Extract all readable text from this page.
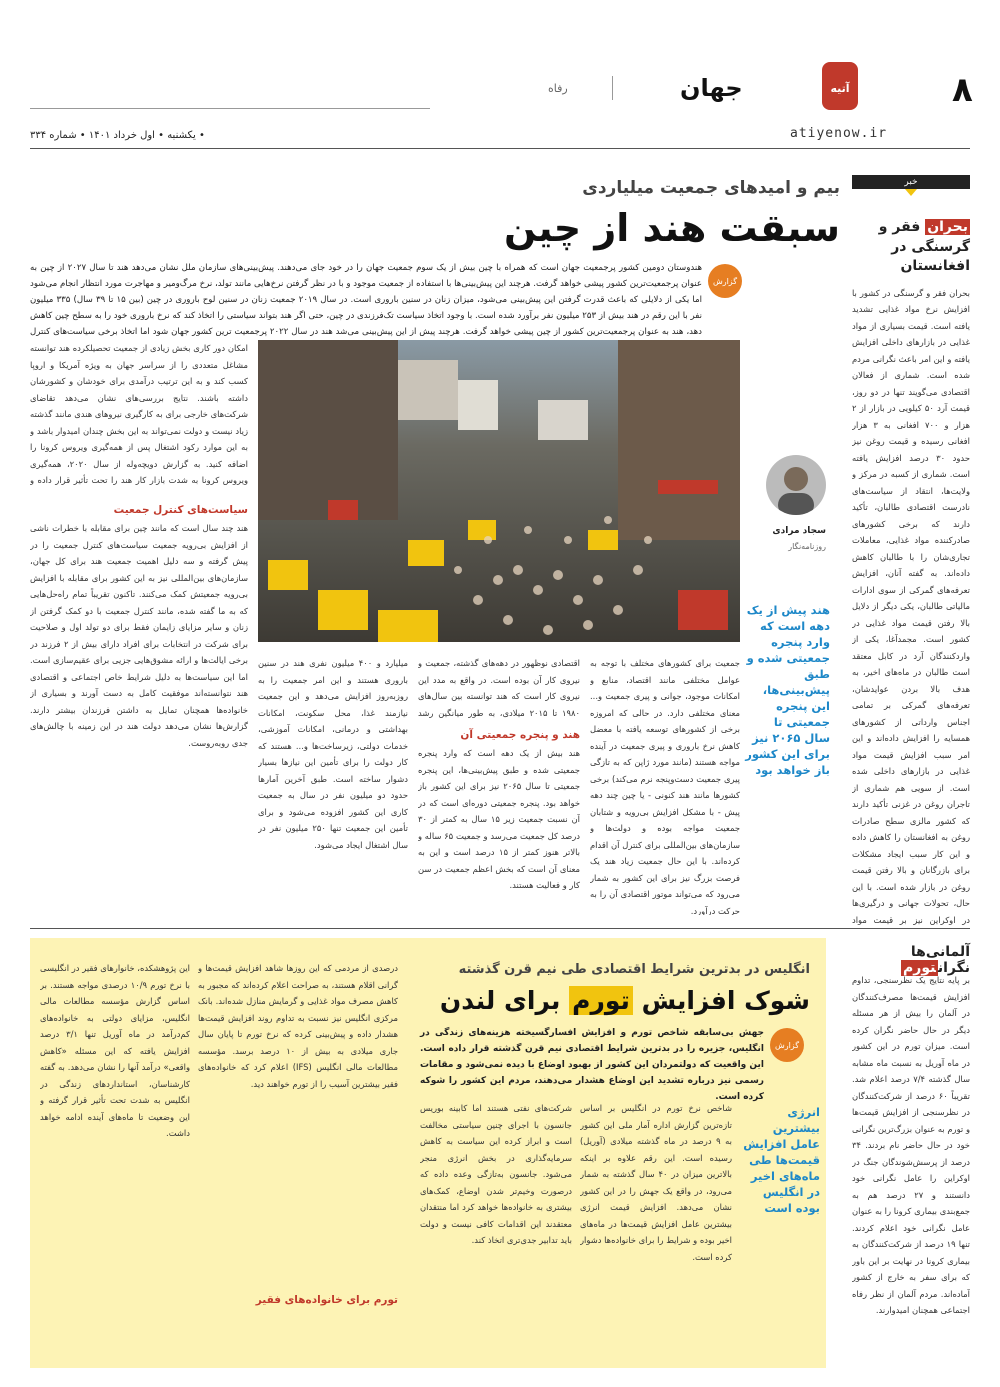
۸
آتیه
atiyenow.ir
جهان
رفاه
• یکشنبه • اول خرداد ۱۴۰۱ • شماره ۳۳۴
خبر
بحران فقر و گرسنگی در افغانستان
بحران فقر و گرسنگی در کشور با افزایش نرخ مواد غذایی تشدید یافته است. قیمت بسیاری از مواد غذایی در بازارهای داخلی افزایش یافته و این امر باعث نگرانی مردم شده است. شماری از فعالان اقتصادی می‌گویند تنها در دو روز، قیمت آرد ۵۰ کیلویی در بازار از ۲ هزار و ۷۰۰ افغانی به ۳ هزار افغانی رسیده و قیمت روغن نیز حدود ۳۰ درصد افزایش یافته است. شماری از کسبه در مرکز و ولایت‌ها، انتقاد از سیاست‌های نادرست اقتصادی طالبان، تأکید دارند که برخی کشورهای صادرکننده مواد غذایی، معاملات تجاری‌شان را با طالبان کاهش داده‌اند. به گفته آنان، افزایش تعرفه‌های گمرکی از سوی ادارات مالیاتی طالبان، یکی دیگر از دلایل بالا رفتن قیمت مواد غذایی در کشور است. مجمدآغا، یکی از واردکنندگان آرد در کابل معتقد است طالبان در ماه‌های اخیر، به هدف بالا بردن عوایدشان، تعرفه‌های گمرکی بر تمامی اجناس وارداتی از کشورهای همسایه را افزایش داده‌اند و این امر سبب افزایش قیمت مواد غذایی در بازارهای داخلی شده است. از سویی هم شماری از تاجران روغن در غزنی تأکید دارند که کشور مالزی سطح صادرات روغن به افغانستان را کاهش داده و این کار سبب ایجاد مشکلات برای بازرگانان و بالا رفتن قیمت روغن در بازار شده است. با این حال، تحولات جهانی و درگیری‌ها در اوکراین نیز بر قیمت مواد
آلمانی‌ها نگرانتورم
بر پایه نتایج یک نظرسنجی، تداوم افزایش قیمت‌ها مصرف‌کنندگان در آلمان را بیش از هر مسئله دیگر در حال حاضر نگران کرده است. میزان تورم در این کشور در ماه آوریل به نسبت ماه مشابه سال گذشته ۷/۴ درصد اعلام شد. تقریباً ۶۰ درصد از شرکت‌کنندگان در نظرسنجی از افزایش قیمت‌ها و تورم به عنوان بزرگ‌ترین نگرانی خود در حال حاضر نام بردند. ۳۴ درصد از پرسش‌شوندگان جنگ در اوکراین را عامل نگرانی خود دانستند و ۲۷ درصد هم به جمع‌بندی بیماری کرونا را به عنوان عامل نگرانی خود اعلام کردند. تنها ۱۹ درصد از شرکت‌کنندگان به بیماری کرونا در نهایت بر این باور که برای سفر به خارج از کشور آماده‌اند. مردم آلمان از نظر رفاه اجتماعی همچنان امیدوارند.
بیم و امیدهای جمعیت میلیاردی
سبقت هند از چین
گزارش
هندوستان دومین کشور پرجمعیت جهان است که همراه با چین بیش از یک سوم جمعیت جهان را در خود جای می‌دهند. پیش‌بینی‌های سازمان ملل نشان می‌دهد هند تا سال ۲۰۲۷ از چین به عنوان پرجمعیت‌ترین کشور پیشی خواهد گرفت. هرچند این پیش‌بینی‌ها با استفاده از جمعیت موجود و با در نظر گرفتن نرخ‌هایی مانند تولد، نرخ مرگ‌ومیر و مهاجرت مورد انتظار انجام می‌شود اما یکی از دلایلی که باعث قدرت گرفتن این پیش‌بینی می‌شود، میزان زنان در سنین باروری است. در سال ۲۰۱۹ جمعیت زنان در سنین لوح باروری در چین (بین ۱۵ تا ۳۹ سال) ۳۳۵ میلیون نفر با این رقم در هند بیش از ۲۵۳ میلیون نفر برآورد شده است. با وجود اتخاذ سیاست تک‌فرزندی در چین، حتی اگر هند بتواند سیاستی را اتخاذ کند که نرخ باروری خود را به سطح چین کاهش دهد، هند به عنوان پرجمعیت‌ترین کشور از چین پیشی خواهد گرفت. هرچند پیش از این پیش‌بینی می‌شد هند در سال ۲۰۲۲ پرجمعیت ترین کشور جهان شود اما اتخاذ برخی سیاست‌های کنترل
سجاد مرادی
روزنامه‌نگار
هند پیش از یک دهه است که وارد پنجره جمعیتی شده و طبق پیش‌بینی‌ها، این پنجره جمعیتی تا سال ۲۰۶۵ نیز برای این کشور باز خواهد بود
امکان دور کاری بخش زیادی از جمعیت تحصیلکرده هند توانسته مشاغل متعددی را از سراسر جهان به ویژه آمریکا و اروپا کسب کند و به این ترتیب درآمدی برای خودشان و کشورشان داشته باشند. نتایج بررسی‌های نشان می‌دهد تقاضای شرکت‌های خارجی برای به کارگیری نیروهای هندی مانند گذشته زیاد نیست و دولت نمی‌تواند به این بخش چندان امیدوار باشد و به این موارد رکود اشتغال پس از همه‌گیری ویروس کرونا را اضافه کنید. به گزارش دویچه‌وله از سال ۲۰۲۰، همه‌گیری ویروس کرونا به شدت بازار کار هند را تحت تأثیر قرار داده و
سیاست‌های کنترل جمعیت
هند چند سال است که مانند چین برای مقابله با خطرات ناشی از افزایش بی‌رویه جمعیت سیاست‌های کنترل جمعیت را در پیش گرفته و سه دلیل اهمیت جمعیت هند برای کل جهان، سازمان‌های بین‌المللی نیز به این کشور برای مقابله با افزایش بی‌رویه جمعیتش کمک می‌کنند. تاکنون تقریباً تمام راه‌حل‌هایی که به ما گفته شده، مانند کنترل جمعیت با دو کمک گرفتن از زنان و سایر مزایای زایمان فقط برای دو تولد اول و صلاحیت برای شرکت در انتخابات برای افراد دارای بیش از ۲ فرزند در برخی ایالت‌ها و ارائه مشوق‌هایی جزیی برای عقیم‌سازی است. اما این سیاست‌ها به دلیل شرایط خاص اجتماعی و اقتصادی هند نتوانسته‌اند موفقیت کامل به دست آورند و بسیاری از خانواده‌ها همچنان تمایل به داشتن فرزندان بیشتر دارند. گزارش‌ها نشان می‌دهد دولت هند در این زمینه با چالش‌های جدی روبه‌روست.
میلیارد و ۴۰۰ میلیون نفری هند در سنین باروری هستند و این امر جمعیت را به روزبه‌روز افزایش می‌دهد و این جمعیت نیازمند غذا، محل سکونت، امکانات بهداشتی و درمانی، امکانات آموزشی، خدمات دولتی، زیرساخت‌ها و... هستند که کار دولت را برای تأمین این نیازها بسیار دشوار ساخته است. طبق آخرین آمارها حدود دو میلیون نفر در سال به جمعیت کاری این کشور افزوده می‌شود و برای تأمین این جمعیت تنها ۲۵۰ میلیون نفر در سال اشتغال ایجاد می‌شود.
اقتصادی نوظهور در دهه‌های گذشته، جمعیت و نیروی کار آن بوده است. در واقع به مدد این نیروی کار است که هند توانسته بین سال‌های ۱۹۸۰ تا ۲۰۱۵ میلادی، به طور میانگین رشد
هند و پنجره جمعیتی آن
هند بیش از یک دهه است که وارد پنجره جمعیتی شده و طبق پیش‌بینی‌ها، این پنجره جمعیتی تا سال ۲۰۶۵ نیز برای این کشور باز خواهد بود. پنجره جمعیتی دوره‌ای است که در آن نسبت جمعیت زیر ۱۵ سال به کمتر از ۳۰ درصد کل جمعیت می‌رسد و جمعیت ۶۵ ساله و بالاتر هنوز کمتر از ۱۵ درصد است و این به معنای آن است که بخش اعظم جمعیت در سن کار و فعالیت هستند.
جمعیت برای کشورهای مختلف با توجه به عوامل مختلفی مانند اقتصاد، منابع و امکانات موجود، جوانی و پیری جمعیت و... معنای مختلفی دارد. در حالی که امروزه برخی از کشورهای توسعه یافته با معضل کاهش نرخ باروری و پیری جمعیت در آینده مواجه هستند (مانند مورد ژاپن که به تازگی پیری جمعیت دست‌وپنجه نرم می‌کند) برخی کشورها مانند هند کنونی - یا چین چند دهه پیش - با مشکل افزایش بی‌رویه و شتابان جمعیت مواجه بوده و دولت‌ها و سازمان‌های بین‌المللی برای کنترل آن اقدام کرده‌اند. با این حال جمعیت زیاد هند یک فرصت بزرگ نیز برای این کشور به شمار می‌رود که می‌تواند موتور اقتصادی آن را به حرکت درآورد.
انگلیس در بدترین شرایط اقتصادی طی نیم قرن گذشته
شوک افزایش تورم برای لندن
گزارش
جهش بی‌سابقه شاخص تورم و افزایش افسارگسیخته هزینه‌های زندگی در انگلیس، جزیره را در بدترین شرایط اقتصادی نیم قرن گذشته قرار داده است. این واقعیت که دولتمردان این کشور از بهبود اوضاع با دیده نمی‌شود و مقامات رسمی نیز درباره تشدید این اوضاع هشدار می‌دهند، مردم این کشور را شوکه کرده است.
انرژی بیشترین عامل افزایش قیمت‌ها طی ماه‌های اخیر در انگلیس بوده است
شاخص نرخ تورم در انگلیس بر اساس تازه‌ترین گزارش اداره آمار ملی این کشور به ۹ درصد در ماه گذشته میلادی (آوریل) رسیده است. این رقم علاوه بر اینکه بالاترین میزان در ۴۰ سال گذشته به شمار می‌رود، در واقع یک جهش را در این کشور نشان می‌دهد. افزایش قیمت انرژی بیشترین عامل افزایش قیمت‌ها در ماه‌های اخیر بوده و شرایط را برای خانواده‌ها دشوار کرده است.
شرکت‌های نفتی هستند اما کابینه بوریس جانسون با اجرای چنین سیاستی مخالفت است و ابراز کرده این سیاست به کاهش سرمایه‌گذاری در بخش انرژی منجر می‌شود. جانسون به‌تازگی وعده داده که درصورت وخیم‌تر شدن اوضاع، کمک‌های بیشتری به خانواده‌ها خواهد کرد اما منتقدان معتقدند این اقدامات کافی نیست و دولت باید تدابیر جدی‌تری اتخاذ کند.
درصدی از مردمی که این روزها شاهد افزایش قیمت‌ها و گرانی اقلام هستند، به صراحت اعلام کرده‌اند که مجبور به کاهش مصرف مواد غذایی و گرمایش منازل شده‌اند. بانک مرکزی انگلیس نیز نسبت به تداوم روند افزایش قیمت‌ها هشدار داده و پیش‌بینی کرده که نرخ تورم تا پایان سال جاری میلادی به بیش از ۱۰ درصد برسد. مؤسسه مطالعات مالی انگلیس (IFS) اعلام کرد که خانواده‌های فقیر بیشترین آسیب را از تورم خواهند دید.
تورم برای خانواده‌های فقیر
این پژوهشکده، خانوارهای فقیر در انگلیسی با نرخ تورم ۱۰/۹ درصدی مواجه هستند. بر اساس گزارش مؤسسه مطالعات مالی انگلیس، مزایای دولتی به خانواده‌های کم‌درآمد در ماه آوریل تنها ۳/۱ درصد افزایش یافته که این مسئله «کاهش واقعی» درآمد آنها را نشان می‌دهد. به گفته کارشناسان، استانداردهای زندگی در انگلیس به شدت تحت تأثیر قرار گرفته و این وضعیت تا ماه‌های آینده ادامه خواهد داشت.
